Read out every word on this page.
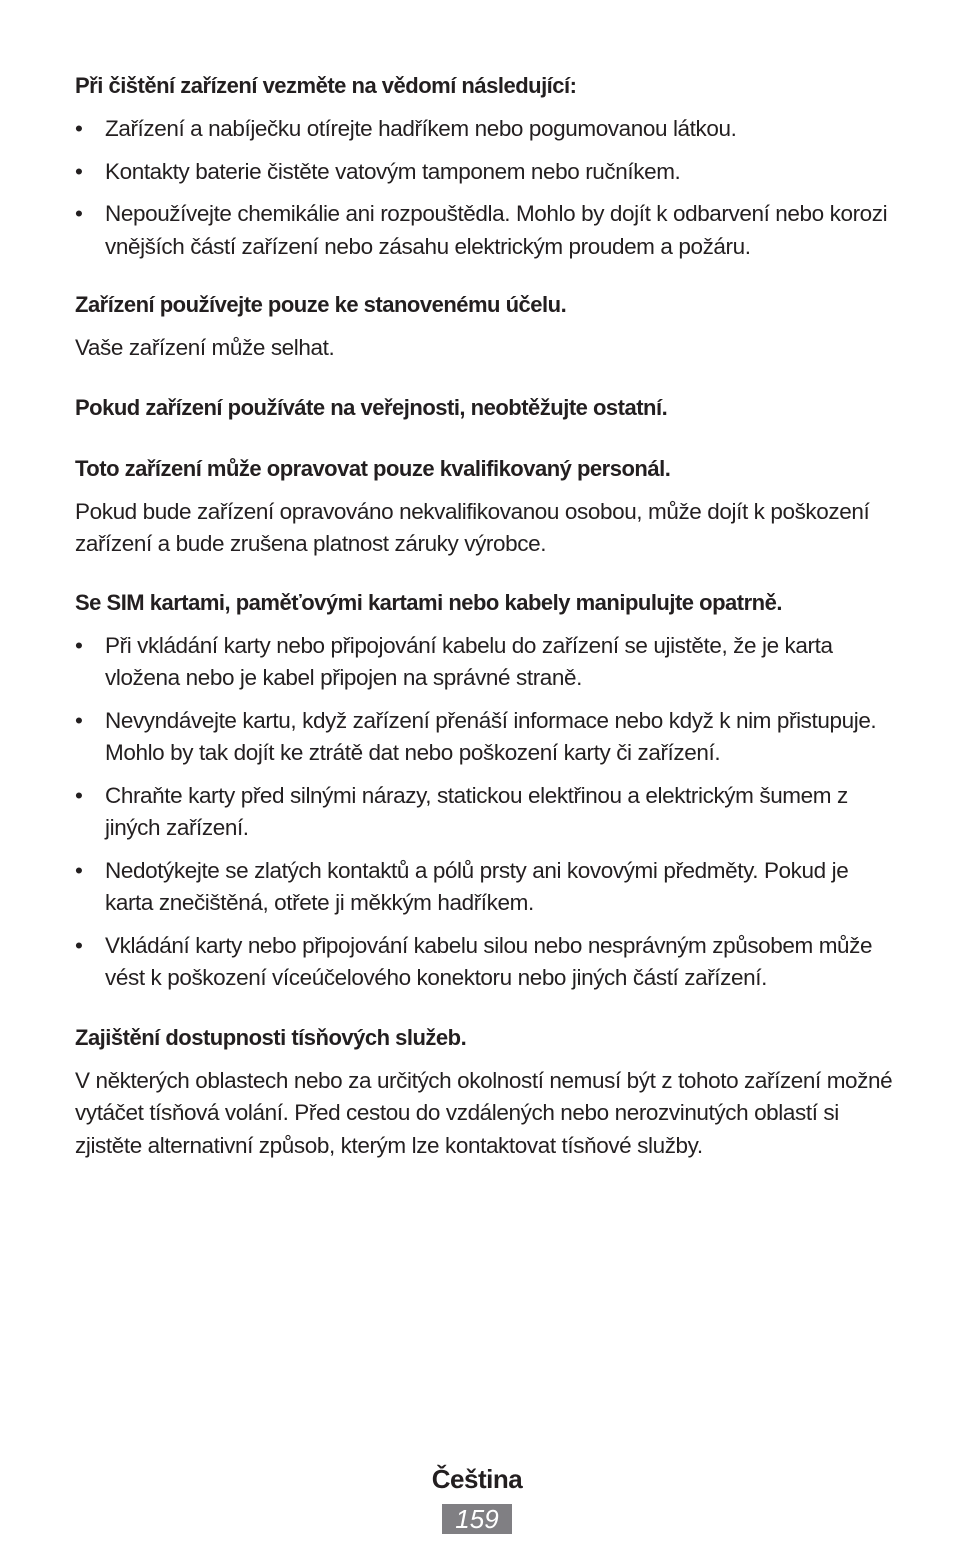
Při čištění zařízení vezměte na vědomí následující:

• Zařízení a nabíječku otírejte hadříkem nebo pogumovanou látkou.
• Kontakty baterie čistěte vatovým tamponem nebo ručníkem.
• Nepoužívejte chemikálie ani rozpouštědla. Mohlo by dojít k odbarvení nebo korozi vnějších částí zařízení nebo zásahu elektrickým proudem a požáru.

Zařízení používejte pouze ke stanovenému účelu.

Vaše zařízení může selhat.

Pokud zařízení používáte na veřejnosti, neobtěžujte ostatní.

Toto zařízení může opravovat pouze kvalifikovaný personál.

Pokud bude zařízení opravováno nekvalifikovanou osobou, může dojít k poškození zařízení a bude zrušena platnost záruky výrobce.

Se SIM kartami, paměťovými kartami nebo kabely manipulujte opatrně.

• Při vkládání karty nebo připojování kabelu do zařízení se ujistěte, že je karta vložena nebo je kabel připojen na správné straně.
• Nevyndávejte kartu, když zařízení přenáší informace nebo když k nim přistupuje. Mohlo by tak dojít ke ztrátě dat nebo poškození karty či zařízení.
• Chraňte karty před silnými nárazy, statickou elektřinou a elektrickým šumem z jiných zařízení.
• Nedotýkejte se zlatých kontaktů a pólů prsty ani kovovými předměty. Pokud je karta znečištěná, otřete ji měkkým hadříkem.
• Vkládání karty nebo připojování kabelu silou nebo nesprávným způsobem může vést k poškození víceúčelového konektoru nebo jiných částí zařízení.

Zajištění dostupnosti tísňových služeb.

V některých oblastech nebo za určitých okolností nemusí být z tohoto zařízení možné vytáčet tísňová volání. Před cestou do vzdálených nebo nerozvinutých oblastí si zjistěte alternativní způsob, kterým lze kontaktovat tísňové služby.

Čeština
159
